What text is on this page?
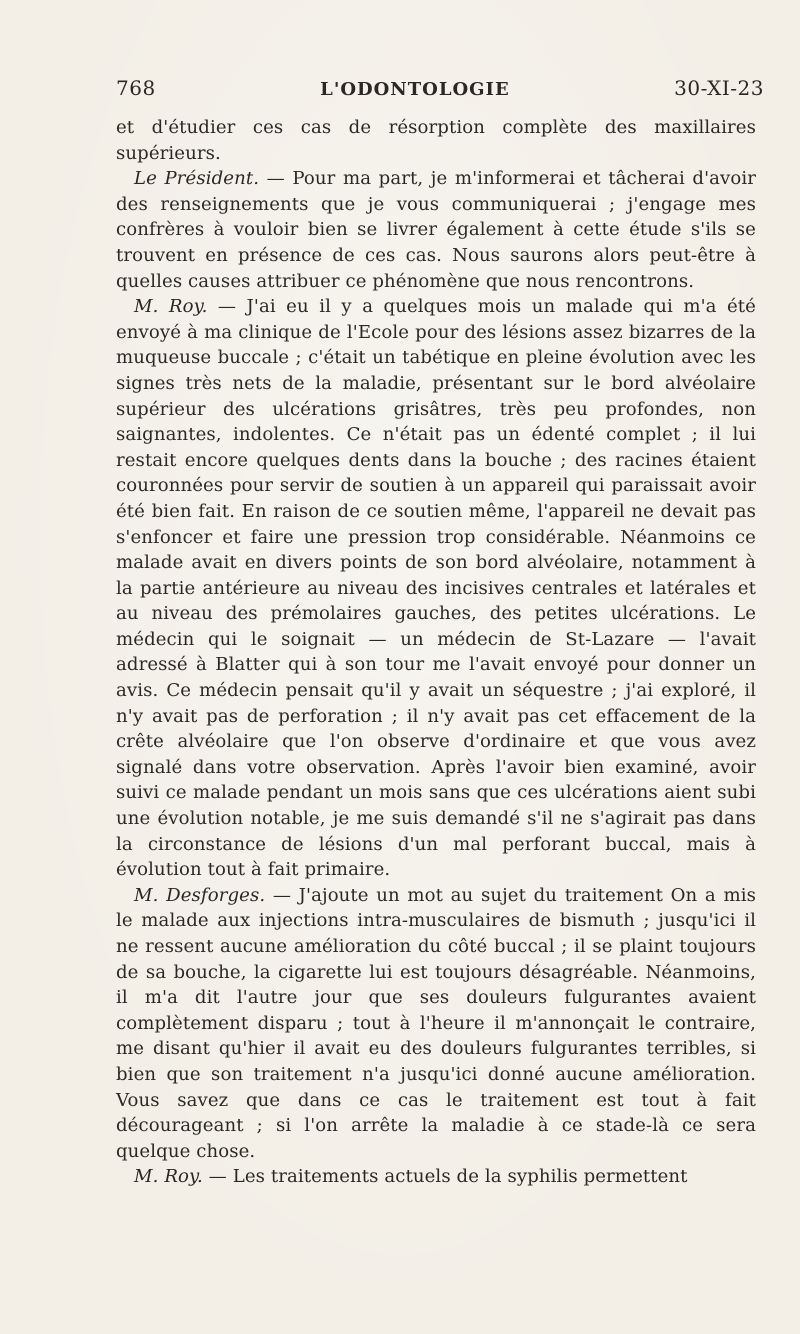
768	L'ODONTOLOGIE	30-XI-23

et d'étudier ces cas de résorption complète des maxillaires supérieurs.

Le Président. — Pour ma part, je m'informerai et tâcherai d'avoir des renseignements que je vous communiquerai ; j'engage mes confrères à vouloir bien se livrer également à cette étude s'ils se trouvent en présence de ces cas. Nous saurons alors peut-être à quelles causes attribuer ce phénomène que nous rencontrons.

M. Roy. — J'ai eu il y a quelques mois un malade qui m'a été envoyé à ma clinique de l'Ecole pour des lésions assez bizarres de la muqueuse buccale ; c'était un tabétique en pleine évolution avec les signes très nets de la maladie, présentant sur le bord alvéolaire supérieur des ulcérations grisâtres, très peu profondes, non saignantes, indolentes. Ce n'était pas un édenté complet ; il lui restait encore quelques dents dans la bouche ; des racines étaient couronnées pour servir de soutien à un appareil qui paraissait avoir été bien fait. En raison de ce soutien même, l'appareil ne devait pas s'enfoncer et faire une pression trop considérable. Néanmoins ce malade avait en divers points de son bord alvéolaire, notamment à la partie antérieure au niveau des incisives centrales et latérales et au niveau des prémolaires gauches, des petites ulcérations. Le médecin qui le soignait — un médecin de St-Lazare — l'avait adressé à Blatter qui à son tour me l'avait envoyé pour donner un avis. Ce médecin pensait qu'il y avait un séquestre ; j'ai exploré, il n'y avait pas de perforation ; il n'y avait pas cet effacement de la crête alvéolaire que l'on observe d'ordinaire et que vous avez signalé dans votre observation. Après l'avoir bien examiné, avoir suivi ce malade pendant un mois sans que ces ulcérations aient subi une évolution notable, je me suis demandé s'il ne s'agirait pas dans la circonstance de lésions d'un mal perforant buccal, mais à évolution tout à fait primaire.

M. Desforges. — J'ajoute un mot au sujet du traitement On a mis le malade aux injections intra-musculaires de bismuth ; jusqu'ici il ne ressent aucune amélioration du côté buccal ; il se plaint toujours de sa bouche, la cigarette lui est toujours désagréable. Néanmoins, il m'a dit l'autre jour que ses douleurs fulgurantes avaient complètement disparu ; tout à l'heure il m'annonçait le contraire, me disant qu'hier il avait eu des douleurs fulgurantes terribles, si bien que son traitement n'a jusqu'ici donné aucune amélioration. Vous savez que dans ce cas le traitement est tout à fait décourageant ; si l'on arrête la maladie à ce stade-là ce sera quelque chose.

M. Roy. — Les traitements actuels de la syphilis permettent
